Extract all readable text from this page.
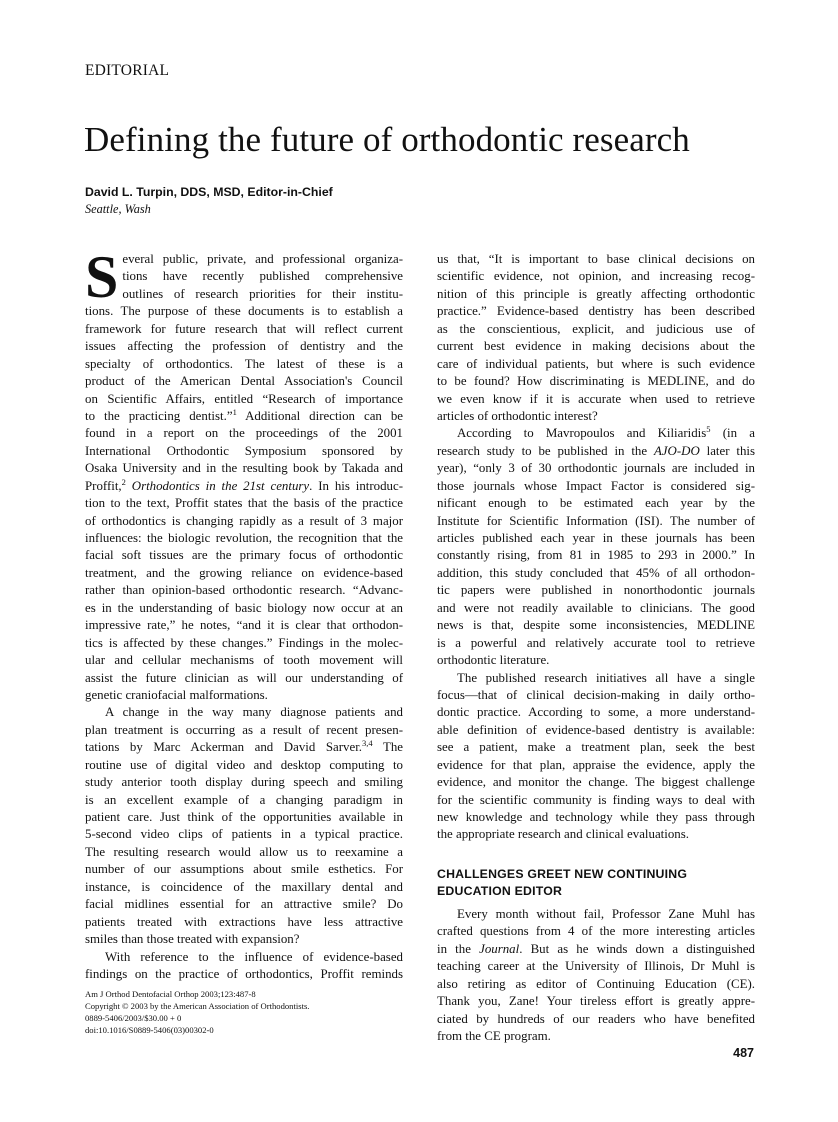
EDITORIAL
Defining the future of orthodontic research
David L. Turpin, DDS, MSD, Editor-in-Chief
Seattle, Wash
S everal public, private, and professional organiza-
tions have recently published comprehensive
outlines of research priorities for their institu-
tions. The purpose of these documents is to establish a
framework for future research that will reflect current
issues affecting the profession of dentistry and the
specialty of orthodontics. The latest of these is a
product of the American Dental Association's Council
on Scientific Affairs, entitled “Research of importance
to the practicing dentist.”$^1$ Additional direction can be
found in a report on the proceedings of the 2001
International Orthodontic Symposium sponsored by
Osaka University and in the resulting book by Takada and
Proffit,$^2$ Orthodontics in the 21st century. In his introduc-
tion to the text, Proffit states that the basis of the practice
of orthodontics is changing rapidly as a result of 3 major
influences: the biologic revolution, the recognition that the
facial soft tissues are the primary focus of orthodontic
treatment, and the growing reliance on evidence-based
rather than opinion-based orthodontic research. “Advanc-
es in the understanding of basic biology now occur at an
impressive rate,” he notes, “and it is clear that orthodon-
tics is affected by these changes.” Findings in the molec-
ular and cellular mechanisms of tooth movement will
assist the future clinician as will our understanding of
genetic craniofacial malformations.
A change in the way many diagnose patients and
plan treatment is occurring as a result of recent presen-
tations by Marc Ackerman and David Sarver.$^{3,4}$ The
routine use of digital video and desktop computing to
study anterior tooth display during speech and smiling
is an excellent example of a changing paradigm in
patient care. Just think of the opportunities available in
5-second video clips of patients in a typical practice.
The resulting research would allow us to reexamine a
number of our assumptions about smile esthetics. For
instance, is coincidence of the maxillary dental and
facial midlines essential for an attractive smile? Do
patients treated with extractions have less attractive
smiles than those treated with expansion?
With reference to the influence of evidence-based
findings on the practice of orthodontics, Proffit reminds
us that, “It is important to base clinical decisions on
scientific evidence, not opinion, and increasing recog-
nition of this principle is greatly affecting orthodontic
practice.” Evidence-based dentistry has been described
as the conscientious, explicit, and judicious use of
current best evidence in making decisions about the
care of individual patients, but where is such evidence
to be found? How discriminating is MEDLINE, and do
we even know if it is accurate when used to retrieve
articles of orthodontic interest?
According to Mavropoulos and Kiliaridis$^5$ (in a
research study to be published in the AJO-DO later this
year), “only 3 of 30 orthodontic journals are included in
those journals whose Impact Factor is considered sig-
nificant enough to be estimated each year by the
Institute for Scientific Information (ISI). The number of
articles published each year in these journals has been
constantly rising, from 81 in 1985 to 293 in 2000.” In
addition, this study concluded that 45% of all orthodon-
tic papers were published in nonorthodontic journals
and were not readily available to clinicians. The good
news is that, despite some inconsistencies, MEDLINE
is a powerful and relatively accurate tool to retrieve
orthodontic literature.
The published research initiatives all have a single
focus—that of clinical decision-making in daily ortho-
dontic practice. According to some, a more understand-
able definition of evidence-based dentistry is available:
see a patient, make a treatment plan, seek the best
evidence for that plan, appraise the evidence, apply the
evidence, and monitor the change. The biggest challenge
for the scientific community is finding ways to deal with
new knowledge and technology while they pass through
the appropriate research and clinical evaluations.
CHALLENGES GREET NEW CONTINUING
EDUCATION EDITOR
Every month without fail, Professor Zane Muhl has
crafted questions from 4 of the more interesting articles
in the Journal. But as he winds down a distinguished
teaching career at the University of Illinois, Dr Muhl is
also retiring as editor of Continuing Education (CE).
Thank you, Zane! Your tireless effort is greatly appre-
ciated by hundreds of our readers who have benefited
from the CE program.
Am J Orthod Dentofacial Orthop 2003;123:487-8
Copyright © 2003 by the American Association of Orthodontists.
0889-5406/2003/$30.00 + 0
doi:10.1016/S0889-5406(03)00302-0
487
